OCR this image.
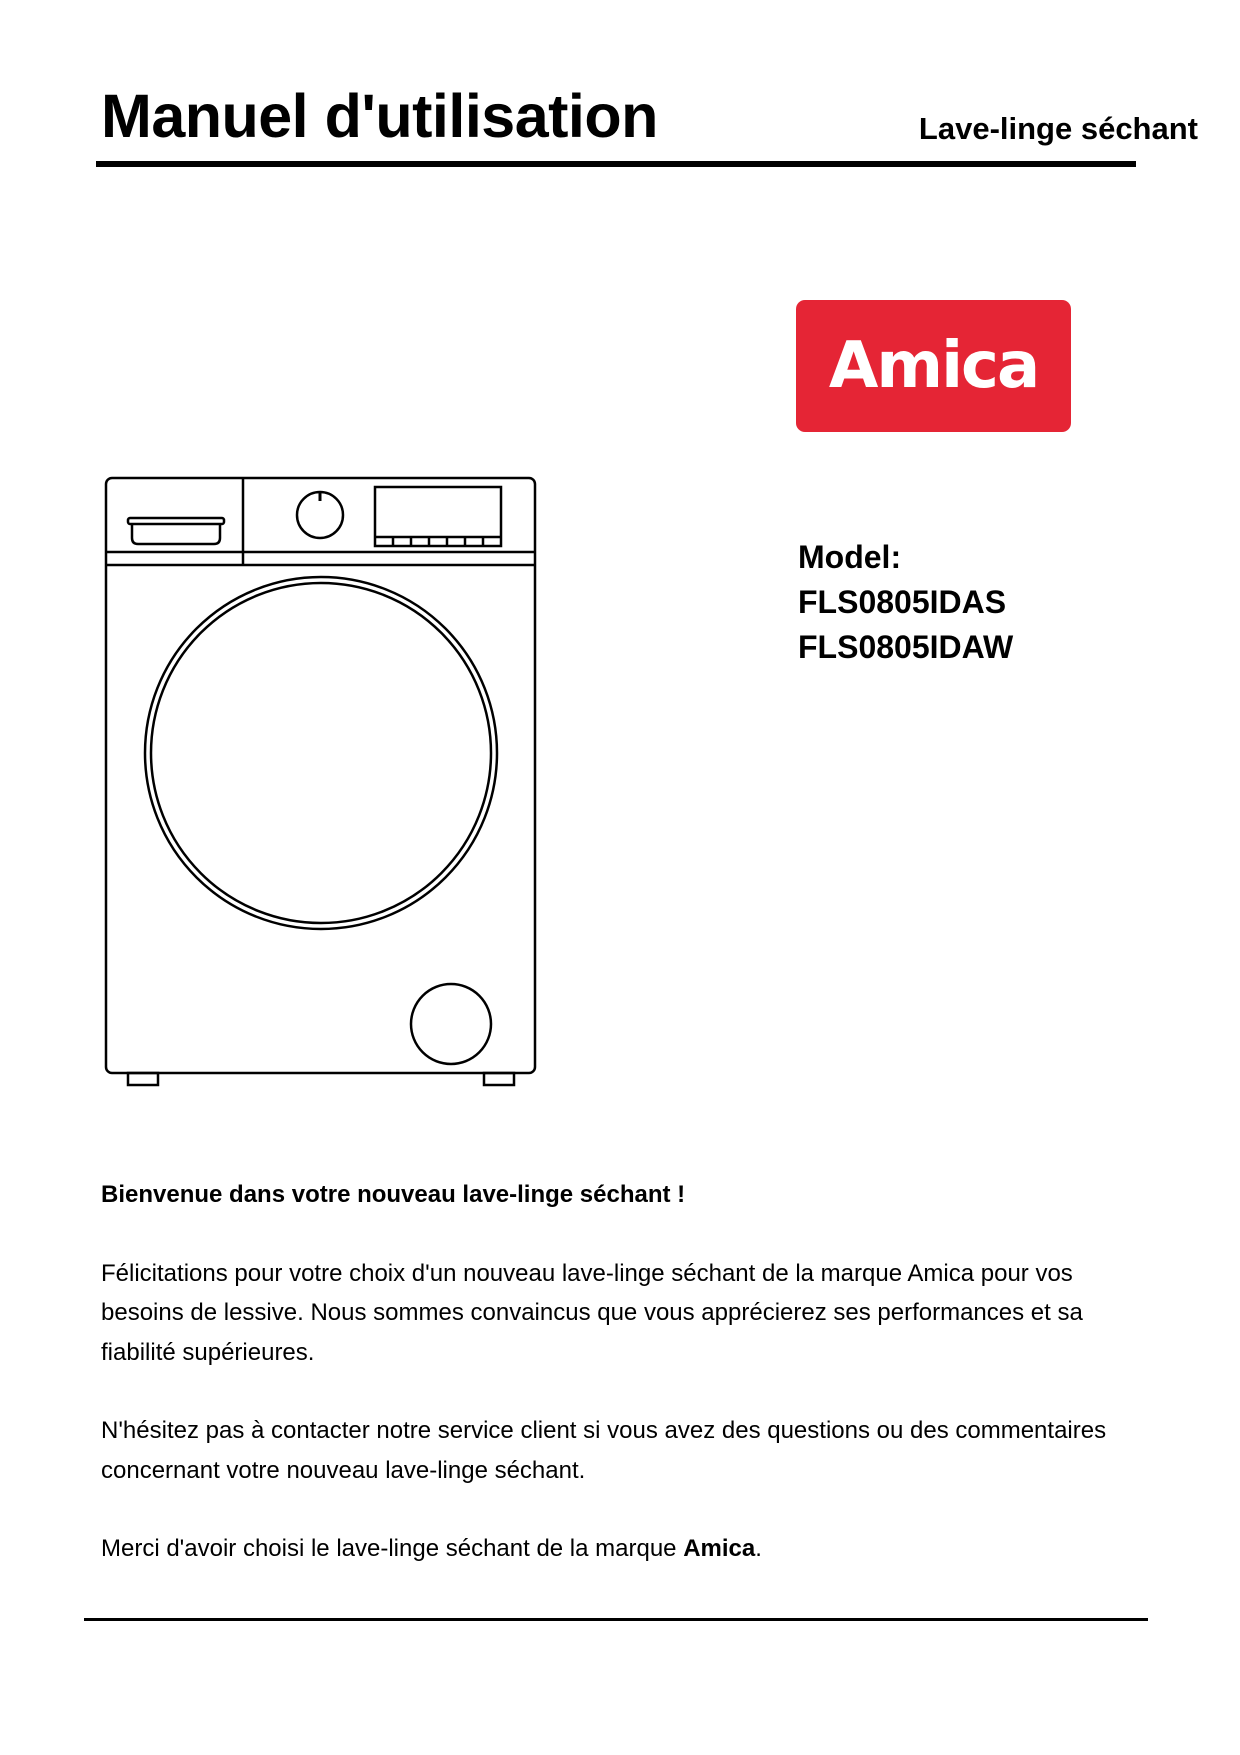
Manuel d'utilisation	Lave-linge séchant
Amica
Model:
FLS0805IDAS
FLS0805IDAW

Bienvenue dans votre nouveau lave-linge séchant !

Félicitations pour votre choix d'un nouveau lave-linge séchant de la marque Amica pour vos besoins de lessive. Nous sommes convaincus que vous apprécierez ses performances et sa fiabilité supérieures.

N'hésitez pas à contacter notre service client si vous avez des questions ou des commentaires concernant votre nouveau lave-linge séchant.

Merci d'avoir choisi le lave-linge séchant de la marque Amica.
